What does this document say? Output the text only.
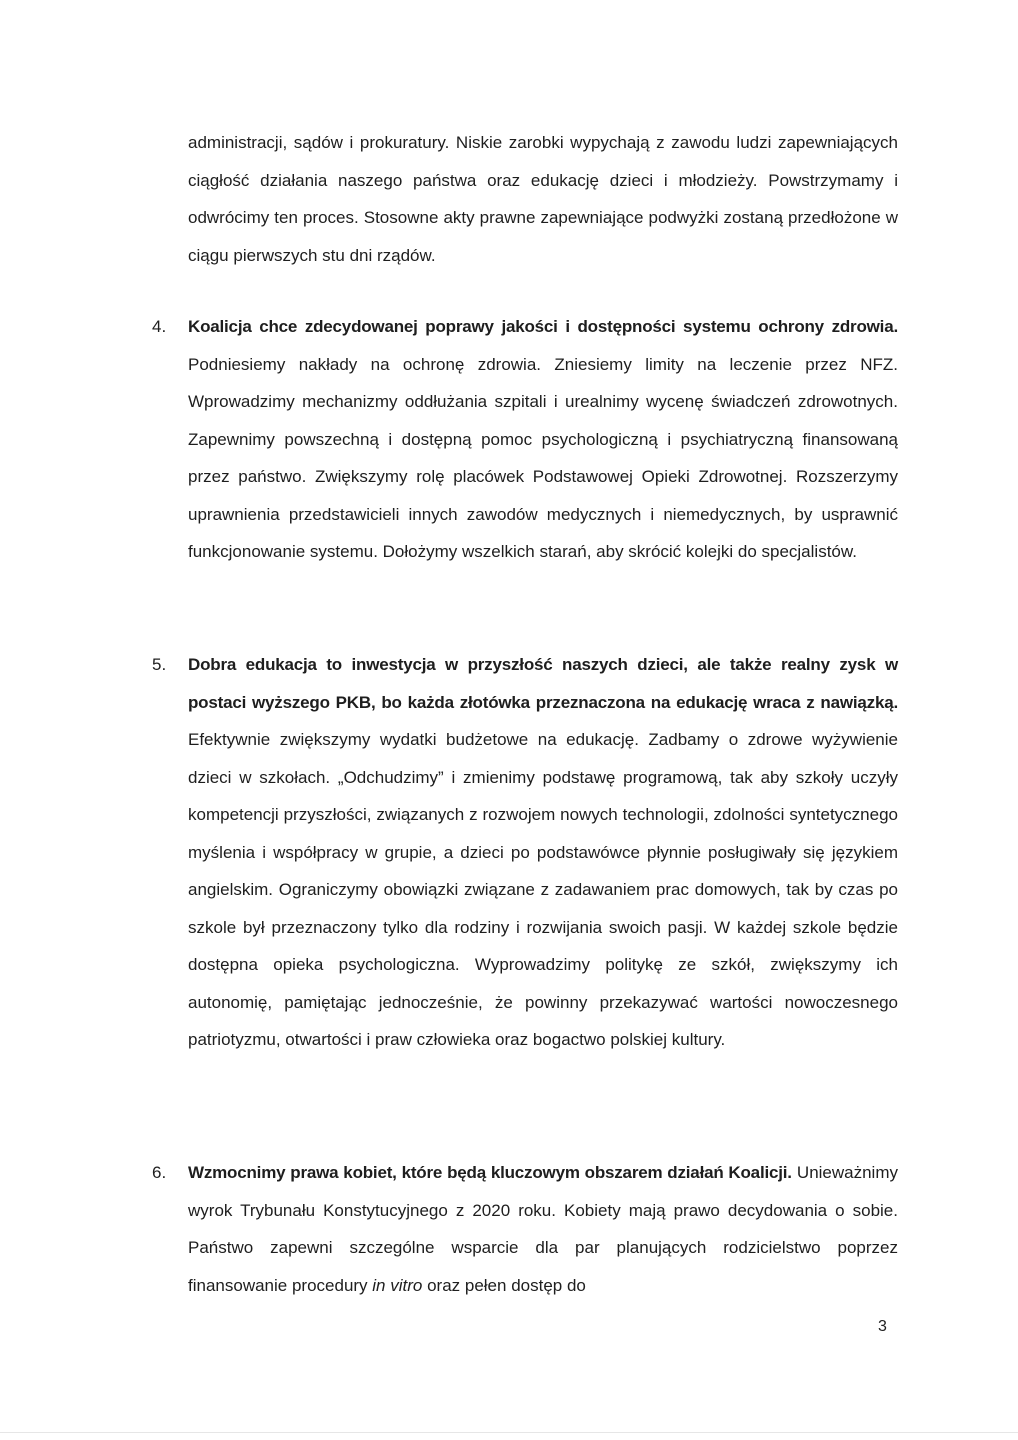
administracji, sądów i prokuratury. Niskie zarobki wypychają z zawodu ludzi zapewniających ciągłość działania naszego państwa oraz edukację dzieci i młodzieży. Powstrzymamy i odwrócimy ten proces. Stosowne akty prawne zapewniające podwyżki zostaną przedłożone w ciągu pierwszych stu dni rządów.

4.	Koalicja chce zdecydowanej poprawy jakości i dostępności systemu ochrony zdrowia. Podniesiemy nakłady na ochronę zdrowia. Zniesiemy limity na leczenie przez NFZ. Wprowadzimy mechanizmy oddłużania szpitali i urealnimy wycenę świadczeń zdrowotnych. Zapewnimy powszechną i dostępną pomoc psychologiczną i psychiatryczną finansowaną przez państwo. Zwiększymy rolę placówek Podstawowej Opieki Zdrowotnej. Rozszerzymy uprawnienia przedstawicieli innych zawodów medycznych i niemedycznych, by usprawnić funkcjonowanie systemu. Dołożymy wszelkich starań, aby skrócić kolejki do specjalistów.
5.	Dobra edukacja to inwestycja w przyszłość naszych dzieci, ale także realny zysk w postaci wyższego PKB, bo każda złotówka przeznaczona na edukację wraca z nawiązką. Efektywnie zwiększymy wydatki budżetowe na edukację. Zadbamy o zdrowe wyżywienie dzieci w szkołach. „Odchudzimy” i zmienimy podstawę programową, tak aby szkoły uczyły kompetencji przyszłości, związanych z rozwojem nowych technologii, zdolności syntetycznego myślenia i współpracy w grupie, a dzieci po podstawówce płynnie posługiwały się językiem angielskim. Ograniczymy obowiązki związane z zadawaniem prac domowych, tak by czas po szkole był przeznaczony tylko dla rodziny i rozwijania swoich pasji. W każdej szkole będzie dostępna opieka psychologiczna. Wyprowadzimy politykę ze szkół, zwiększymy ich autonomię, pamiętając jednocześnie, że powinny przekazywać wartości nowoczesnego patriotyzmu, otwartości i praw człowieka oraz bogactwo polskiej kultury.
6.	Wzmocnimy prawa kobiet, które będą kluczowym obszarem działań Koalicji. Unieważnimy wyrok Trybunału Konstytucyjnego z 2020 roku. Kobiety mają prawo decydowania o sobie. Państwo zapewni szczególne wsparcie dla par planujących rodzicielstwo poprzez finansowanie procedury in vitro oraz pełen dostęp do
3
